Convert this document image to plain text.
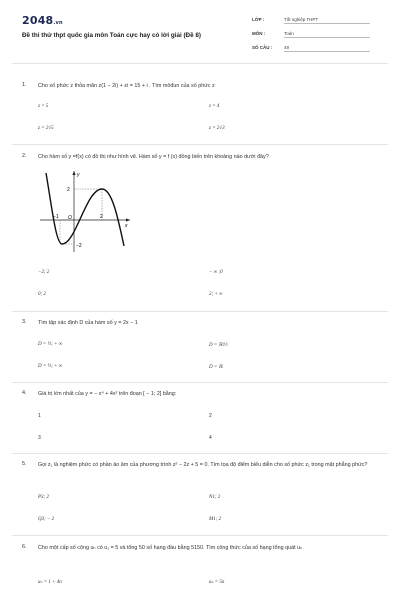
2048.vn
Đề thi thử thpt quốc gia môn Toán cực hay có lời giải (Đề 8)
LỚP :	Tốt nghiệp THPT
MÔN :	Toán
SỐ CÂU :	49
1. Cho số phức z thỏa mãn z(1 − 2i) + zi = 15 + i . Tìm môđun của số phức z
z = 5	z = 4
z = 2√5	z = 2√3
2. Cho hàm số y =f(x) có đồ thị như hình vẽ. Hàm số y = f (x) đồng biến trên khoảng nào dưới đây?
y
x
O
2
−2
−1	2
−2; 2	− ∞ ;0
0; 2	2; + ∞
3. Tìm tập xác định D của hàm số y = 2x − 1
D = ½; + ∞	D = ℝ\½
D = ½; + ∞	D = ℝ
4. Giá trị lớn nhất của y = − x⁴ + 4x² trên đoạn [ − 1; 2] bằng:
1	2
3	4
5. Gọi z₁ là nghiệm phức có phần ảo âm của phương trình z² − 2z + 5 = 0. Tìm tọa độ điểm biểu diễn cho số phức z₁ trong mặt phẳng phức?
P3; 2	N1; 2
Q3; − 2	M1; 2
6. Cho một cấp số cộng uₙ có u₁ = 5 và tổng 50 số hạng đầu bằng 5150. Tìm công thức của số hạng tổng quát uₙ
uₙ = 1 + 4n	uₙ = 5n
